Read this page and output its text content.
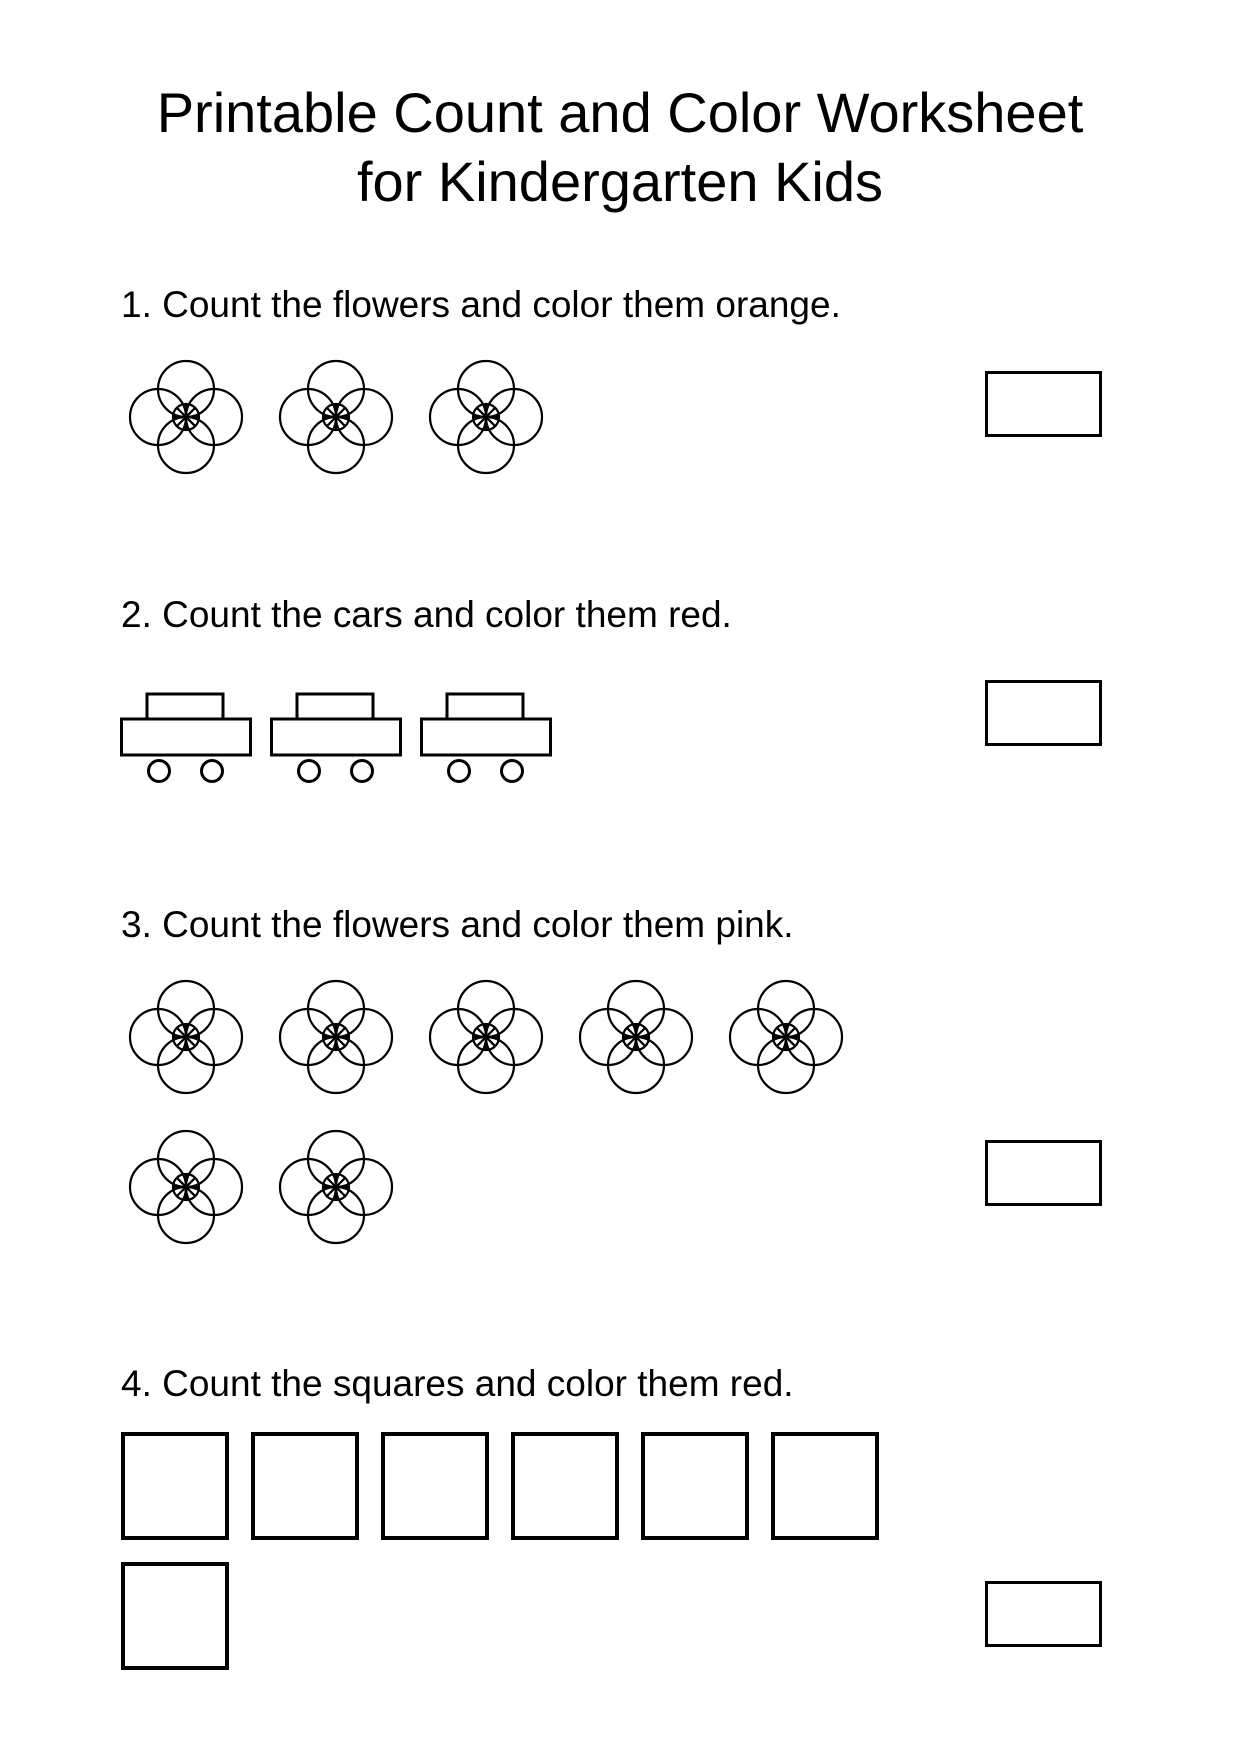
Printable Count and Color Worksheet
for Kindergarten Kids

1. Count the flowers and color them orange.

2. Count the cars and color them red.

3. Count the flowers and color them pink.

4. Count the squares and color them red.
